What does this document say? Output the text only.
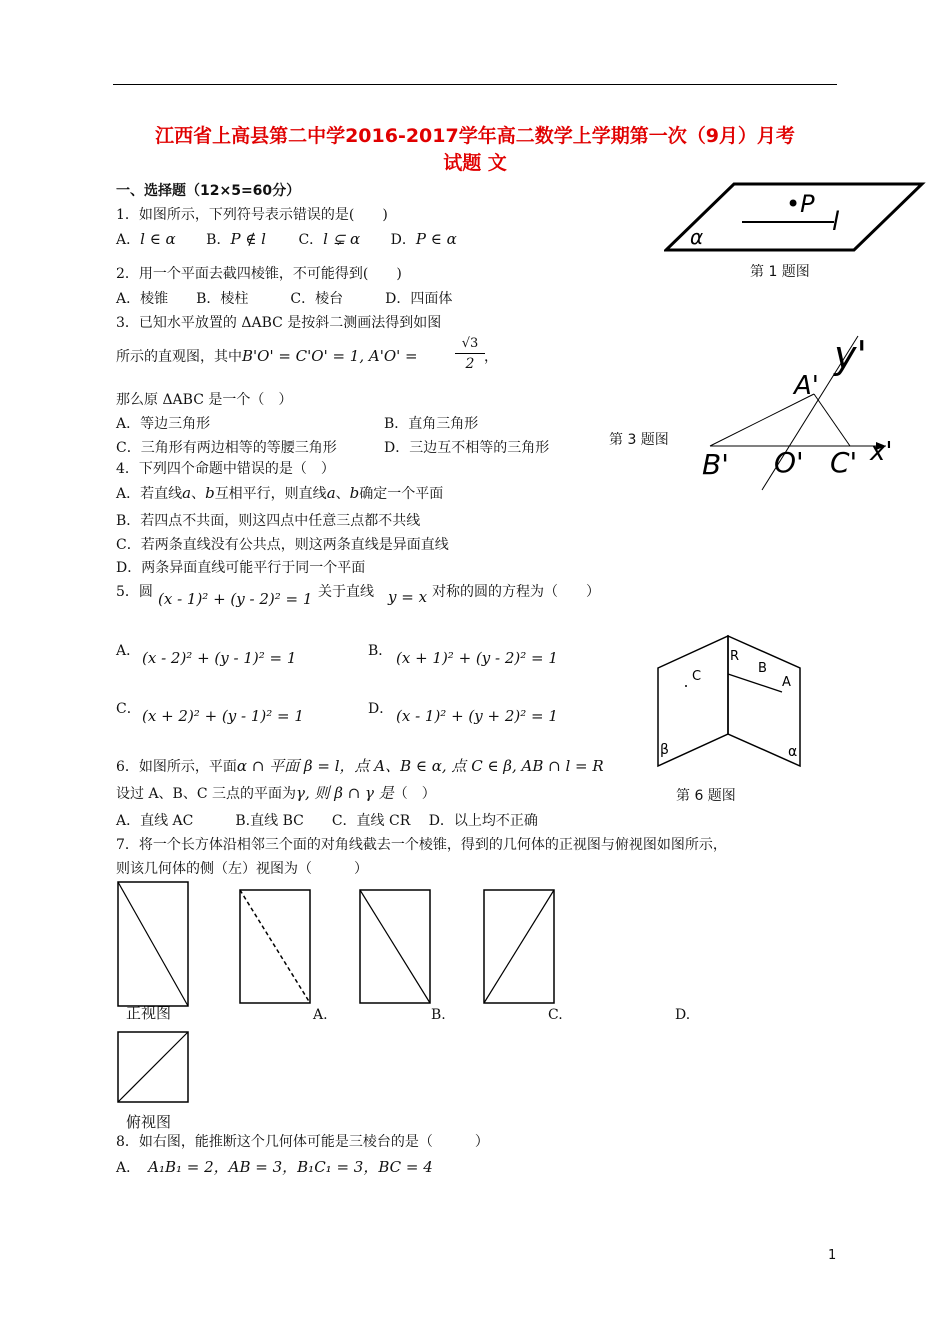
江西省上高县第二中学2016-2017学年高二数学上学期第一次（9月）月考
试题 文
一、选择题（12×5=60分）
1．如图所示，下列符号表示错误的是(　　)
A．l ∈ α B．P ∉ l C．l ⊊ α D．P ∈ α
•P
l
α
第 1 题图
2．用一个平面去截四棱锥，不可能得到(　　)
A．棱锥　　B．棱柱　　　C．棱台　　　D．四面体
3．已知水平放置的 ΔABC 是按斜二测画法得到如图
所示的直观图，其中B'O' = C'O' = 1, A'O' =	$\frac{√3}{2}$ ，
那么原 ΔABC 是一个（　）
A．等边三角形	B．直角三角形
C．三角形有两边相等的等腰三角形	D．三边互不相等的三角形
y'
A'
B' O' C' x'
第 3 题图
4．下列四个命题中错误的是（　）
A．若直线a、b互相平行，则直线a、b确定一个平面
B．若四点不共面，则这四点中任意三点都不共线
C．若两条直线没有公共点，则这两条直线是异面直线
D．两条异面直线可能平行于同一个平面
5．圆 (x - 1)² + (y - 2)² = 1 关于直线 y = x 对称的圆的方程为（　　）
A． (x - 2)² + (y - 1)² = 1	B． (x + 1)² + (y - 2)² = 1
C． (x + 2)² + (y - 1)² = 1	D． (x - 1)² + (y + 2)² = 1
R
B
A
C
β	α
第 6 题图
6．如图所示，平面α ∩ 平面 β = l，点 A、B ∈ α, 点 C ∈ β, AB ∩ l = R
设过 A、B、C 三点的平面为γ, 则 β ∩ γ 是（　）
A．直线 AC　　　B.直线 BC　　C．直线 CR　 D．以上均不正确
7．将一个长方体沿相邻三个面的对角线截去一个棱锥，得到的几何体的正视图与俯视图如图所示，
则该几何体的侧（左）视图为（　　　）
正视图	A.	B.	C.	D.
俯视图
8．如右图，能推断这个几何体可能是三棱台的是（　　　）
A． A₁B₁ = 2，AB = 3，B₁C₁ = 3，BC = 4
1
